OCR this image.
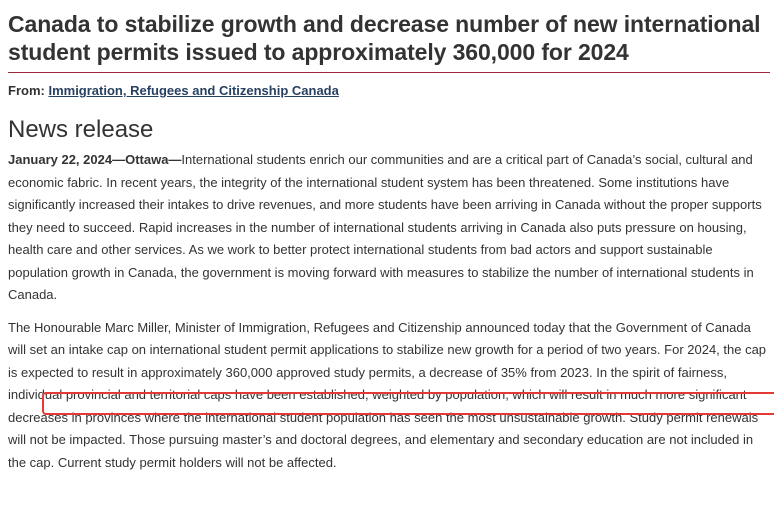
Canada to stabilize growth and decrease number of new international student permits issued to approximately 360,000 for 2024

From: Immigration, Refugees and Citizenship Canada

News release

January 22, 2024—Ottawa—International students enrich our communities and are a critical part of Canada’s social, cultural and economic fabric. In recent years, the integrity of the international student system has been threatened. Some institutions have significantly increased their intakes to drive revenues, and more students have been arriving in Canada without the proper supports they need to succeed. Rapid increases in the number of international students arriving in Canada also puts pressure on housing, health care and other services. As we work to better protect international students from bad actors and support sustainable population growth in Canada, the government is moving forward with measures to stabilize the number of international students in Canada.

The Honourable Marc Miller, Minister of Immigration, Refugees and Citizenship announced today that the Government of Canada will set an intake cap on international student permit applications to stabilize new growth for a period of two years. For 2024, the cap is expected to result in approximately 360,000 approved study permits, a decrease of 35% from 2023. In the spirit of fairness, individual provincial and territorial caps have been established, weighted by population, which will result in much more significant decreases in provinces where the international student population has seen the most unsustainable growth. Study permit renewals will not be impacted. Those pursuing master’s and doctoral degrees, and elementary and secondary education are not included in the cap. Current study permit holders will not be affected.
